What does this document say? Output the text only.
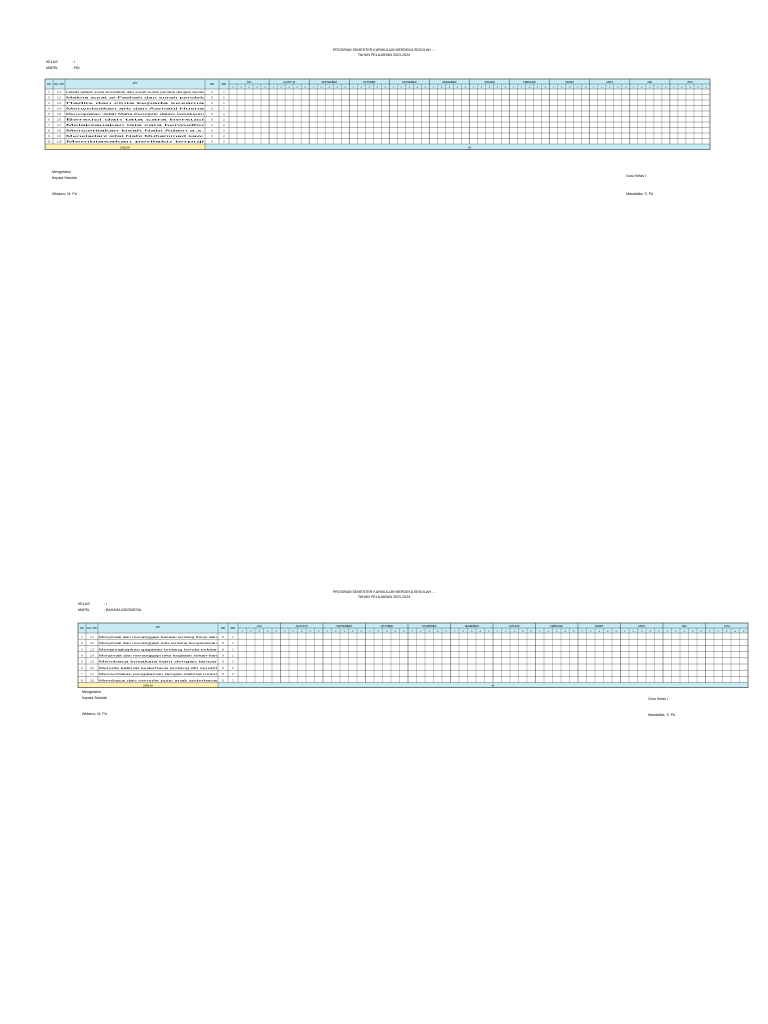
PROGRAM SEMESTER KURIKULUM MERDEKA SEKOLAH ...
TAHUN PELAJARAN 2023-2024
KELAS	: I
MAPEL	: PAI
NO NO. ATP	ATP	JML	SMT
JULI
1	2	3	4	5
AGUSTUS
1	2	3	4	5
SEPTEMBER
1	2	3	4	5
OKTOBER
1	2	3	4	5
NOVEMBER
1	2	3	4	5
DESEMBER
1	2	3	4	5
JANUARI
1	2	3	4	5
FEBRUARI
1	2	3	4	5
MARET
1	2	3	4	5
APRIL
1	2	3	4	5
MEI
1	2	3	4	5
JUNI
1	2	3	4	5
1	1.1 Lafadz-lafadz surat al-Fatihah dan surah-surah pendek dengan benar	6	1
2	1.2 Makna surat al-Fatihah dan surah pendek	8	1
3	1.3 Hadits dan cinta kepada sesama	4	1
4	1.4 Menyebutkan arti dan Asmaul Husna	6	1
5	1.5 Menunjukkan 'Allah Maha Pencipta' dalam kehidupan	6	1
6	1.6 Bersuci dan tata cara bersuci	6	2
7	1.7 Melaksanakan tata cara berwudhu	6	2
8	1.8 Menceritakan kisah Nabi Adam a.s.	6	2
9	1.9 Meneladani sifat Nabi Muhammad saw.	6	2
10 1.10 Membiasakan perilaku terpuji	6	2
JUMLAH	54
Mengetahui
Kepala Sekolah
Widarno, M. Pd
Guru Kelas I
Mandalika, S. Pd
PROGRAM SEMESTER KURIKULUM MERDEKA SEKOLAH ...
TAHUN PELAJARAN 2023-2024
KELAS	: I
MAPEL	: BAHASA INDONESIA
NO NO. ATP	ATP	JML SMT
JULI
1	2	3	4	5
AGUSTUS
1	2	3	4	5
SEPTEMBER
1	2	3	4	5
OKTOBER
1	2	3	4	5
NOVEMBER
1	2	3	4	5
DESEMBER
1	2	3	4	5
JANUARI
1	2	3	4	5
FEBRUARI
1	2	3	4	5
MARET
1	2	3	4	5
APRIL
1	2	3	4	5
MEI
1	2	3	4	5
JUNI
1	2	3	4	5
1	1.1 Menyimak dan menanggapi bacaan tentang bunyi dan	8	1
2	1.2 Menyimak dan menanggapi teks tentang kenyamanan	8	1
3	1.3 Mengungkapkan gagasan tentang benda sekitar	8	1
4	1.4 Menyimak dan menanggapi teks kegiatan sehari-hari	8	1
5	1.5 Membaca kosakata baru dengan lancar	8	2
6	1.6 Menulis kalimat sederhana tentang diri sendiri	8	2
7	1.7 Menceritakan pengalaman dengan kalimat runtut	8	2
8	1.8 Membaca dan menulis puisi anak sederhana	8	2
JUMLAH	64
Mengetahui
Kepala Sekolah
Widarno, M. Pd
Guru Kelas I
Mandalika, S. Pd
